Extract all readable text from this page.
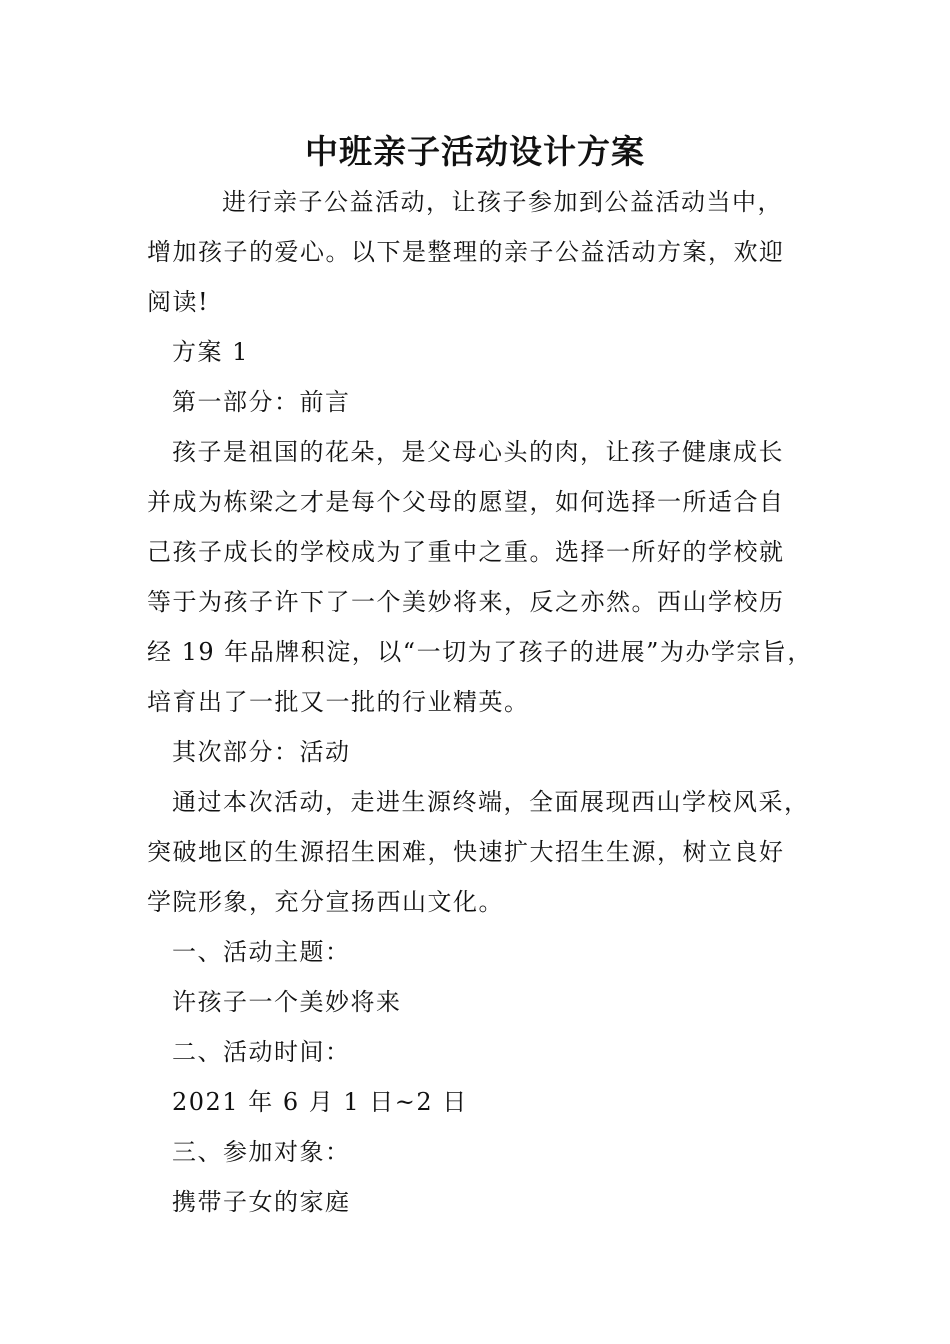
中班亲子活动设计方案

进行亲子公益活动，让孩子参加到公益活动当中，

增加孩子的爱心。以下是整理的亲子公益活动方案，欢迎

阅读!

方案 1

第一部分：前言

孩子是祖国的花朵，是父母心头的肉，让孩子健康成长

并成为栋梁之才是每个父母的愿望，如何选择一所适合自

己孩子成长的学校成为了重中之重。选择一所好的学校就

等于为孩子许下了一个美妙将来，反之亦然。西山学校历

经 19 年品牌积淀，以“一切为了孩子的进展”为办学宗旨，

培育出了一批又一批的行业精英。

其次部分：活动

通过本次活动，走进生源终端，全面展现西山学校风采，

突破地区的生源招生困难，快速扩大招生生源，树立良好

学院形象，充分宣扬西山文化。

一、活动主题：

许孩子一个美妙将来

二、活动时间：

2021 年 6 月 1 日~2 日

三、参加对象：

携带子女的家庭
